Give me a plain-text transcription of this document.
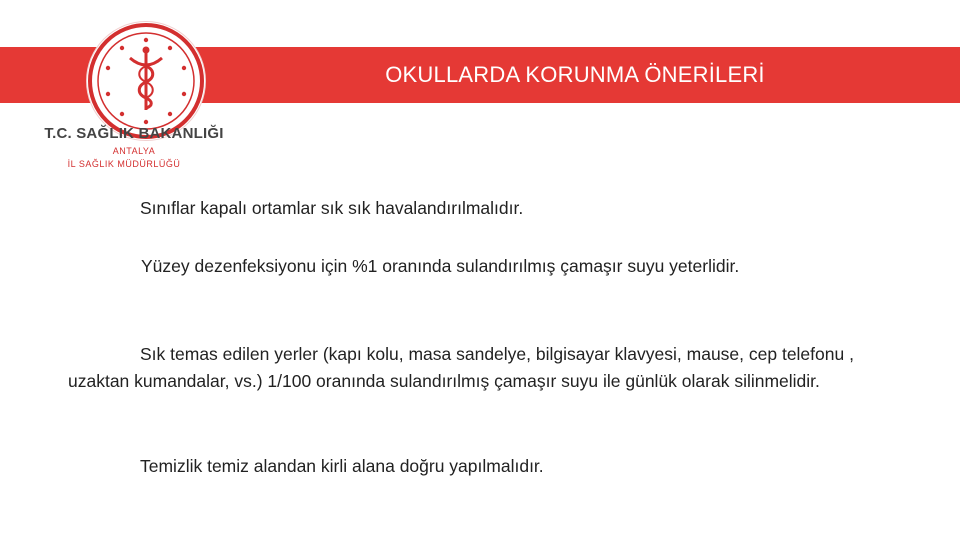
OKULLARDA KORUNMA ÖNERİLERİ
T.C. SAĞLIK BAKANLIĞI
ANTALYA
İL SAĞLIK MÜDÜRLÜĞÜ

Sınıflar kapalı ortamlar sık sık havalandırılmalıdır.

Yüzey dezenfeksiyonu için %1 oranında sulandırılmış çamaşır suyu yeterlidir.

Sık temas edilen yerler (kapı kolu, masa sandelye, bilgisayar klavyesi, mause, cep telefonu , uzaktan kumandalar, vs.) 1/100 oranında sulandırılmış çamaşır suyu ile günlük olarak silinmelidir.

Temizlik temiz alandan kirli alana doğru yapılmalıdır.
